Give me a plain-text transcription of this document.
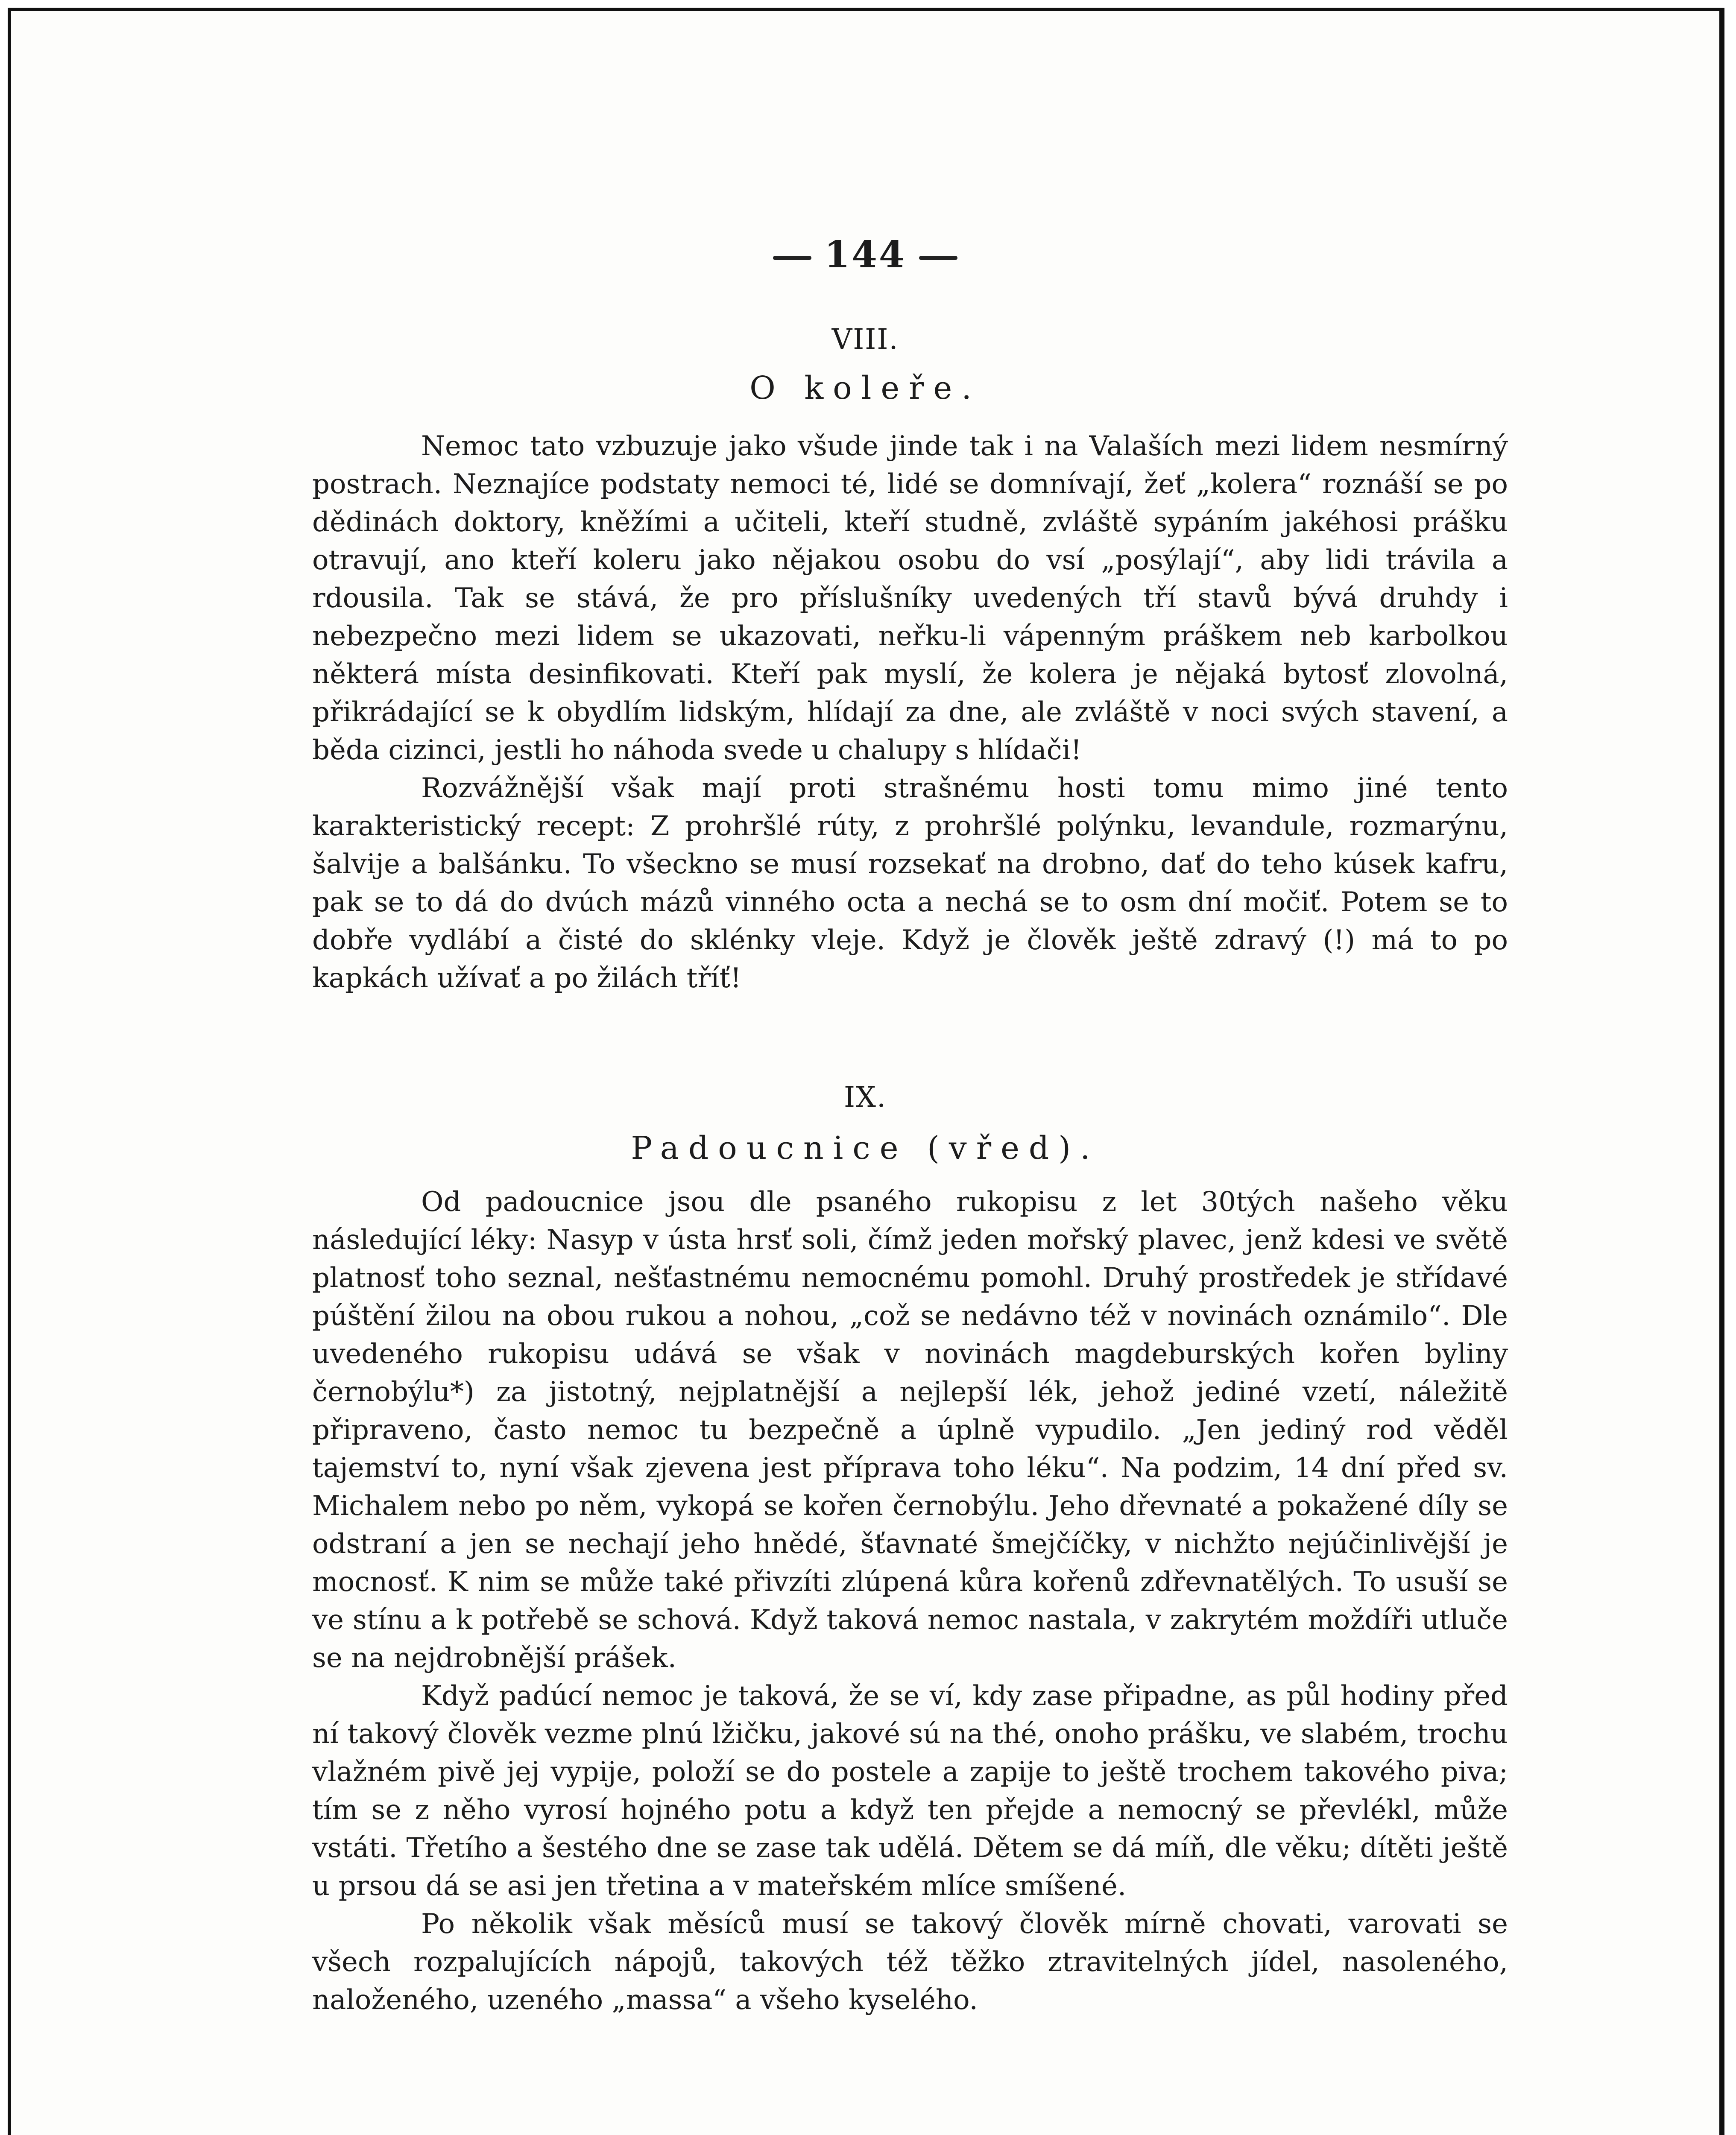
144
VIII.
O koleře.

Nemoc tato vzbuzuje jako všude jinde tak i na Valaších mezi lidem nesmírný postrach. Neznajíce podstaty nemoci té, lidé se domnívají, žeť „kolera“ roznáší se po dědinách doktory, kněžími a učiteli, kteří studně, zvláště sypáním jakéhosi prášku otravují, ano kteří koleru jako nějakou osobu do vsí „posýlají“, aby lidi trávila a rdousila. Tak se stává, že pro příslušníky uvedených tří stavů bývá druhdy i nebezpečno mezi lidem se ukazovati, neřku-li vápenným práškem neb karbolkou některá místa desinfikovati. Kteří pak myslí, že kolera je nějaká bytosť zlovolná, přikrádající se k obydlím lidským, hlídají za dne, ale zvláště v noci svých stavení, a běda cizinci, jestli ho náhoda svede u chalupy s hlídači!

Rozvážnější však mají proti strašnému hosti tomu mimo jiné tento karakteristický recept: Z prohršlé rúty, z prohršlé polýnku, levandule, rozmarýnu, šalvije a balšánku. To všeckno se musí rozsekať na drobno, dať do teho kúsek kafru, pak se to dá do dvúch mázů vinného octa a nechá se to osm dní močiť. Potem se to dobře vydlábí a čisté do sklénky vleje. Když je člověk ještě zdravý (!) má to po kapkách užívať a po žilách tříť!

IX.
Padoucnice (vřed).

Od padoucnice jsou dle psaného rukopisu z let 30tých našeho věku následující léky: Nasyp v ústa hrsť soli, čímž jeden mořský plavec, jenž kdesi ve světě platnosť toho seznal, nešťastnému nemocnému pomohl. Druhý prostředek je střídavé púštění žilou na obou rukou a nohou, „což se nedávno též v novinách oznámilo“. Dle uvedeného rukopisu udává se však v novinách magdeburských kořen byliny černobýlu*) za jistotný, nejplatnější a nejlepší lék, jehož jediné vzetí, náležitě připraveno, často nemoc tu bezpečně a úplně vypudilo. „Jen jediný rod věděl tajemství to, nyní však zjevena jest příprava toho léku“. Na podzim, 14 dní před sv. Michalem nebo po něm, vykopá se kořen černobýlu. Jeho dřevnaté a pokažené díly se odstraní a jen se nechají jeho hnědé, šťavnaté šmejčíčky, v nichžto nejúčinlivější je mocnosť. K nim se může také přivzíti zlúpená kůra kořenů zdřevnatělých. To usuší se ve stínu a k potřebě se schová. Když taková nemoc nastala, v zakrytém moždíři utluče se na nejdrobnější prášek.

Když padúcí nemoc je taková, že se ví, kdy zase připadne, as půl hodiny před ní takový člověk vezme plnú lžičku, jakové sú na thé, onoho prášku, ve slabém, trochu vlažném pivě jej vypije, položí se do postele a zapije to ještě trochem takového piva; tím se z něho vyrosí hojného potu a když ten přejde a nemocný se převlékl, může vstáti. Třetího a šestého dne se zase tak udělá. Dětem se dá míň, dle věku; dítěti ještě u prsou dá se asi jen třetina a v mateřském mlíce smíšené.

Po několik však měsíců musí se takový člověk mírně chovati, varovati se všech rozpalujících nápojů, takových též těžko ztravitelných jídel, nasoleného, naloženého, uzeného „massa“ a všeho kyselého.
